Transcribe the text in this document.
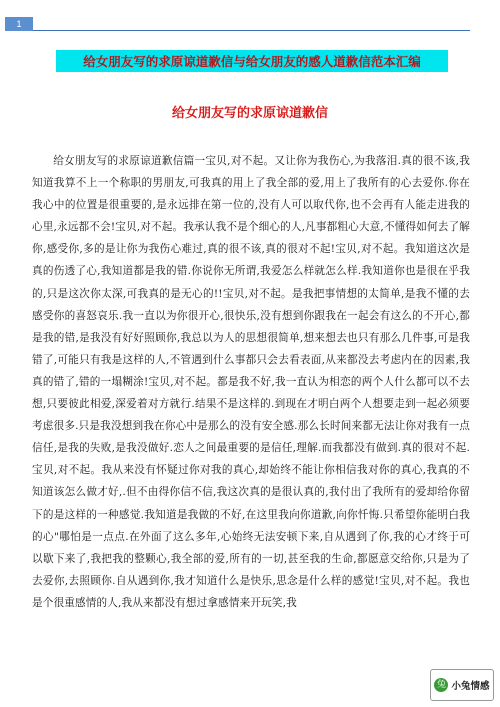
1
给女朋友写的求原谅道歉信与给女朋友的感人道歉信范本汇编
给女朋友写的求原谅道歉信

给女朋友写的求原谅道歉信篇一宝贝,对不起。又让你为我伤心,为我落泪.真的很不该,我知道我算不上一个称职的男朋友,可我真的用上了我全部的爱,用上了我所有的心去爱你.你在我心中的位置是很重要的,是永远排在第一位的,没有人可以取代你,也不会再有人能走进我的心里,永远都不会!宝贝,对不起。我承认我不是个细心的人,凡事都粗心大意,不懂得如何去了解你,感受你,多的是让你为我伤心难过,真的很不该,真的很对不起!宝贝,对不起。我知道这次是真的伤透了心,我知道都是我的错.你说你无所谓,我爱怎么样就怎么样.我知道你也是很在乎我的,只是这次你太深,可我真的是无心的!!宝贝,对不起。是我把事情想的太简单,是我不懂的去感受你的喜怒哀乐.我一直以为你很开心,很快乐,没有想到你跟我在一起会有这么的不开心,都是我的错,是我没有好好照顾你,我总以为人的思想很简单,想来想去也只有那么几件事,可是我错了,可能只有我是这样的人,不管遇到什么事都只会去看表面,从来都没去考虑内在的因素,我真的错了,错的一塌糊涂!宝贝,对不起。都是我不好,我一直认为相恋的两个人什么都可以不去想,只要彼此相爱,深爱着对方就行.结果不是这样的.到现在才明白两个人想要走到一起必须要考虑很多.只是我没想到我在你心中是那么的没有安全感.那么长时间来都无法让你对我有一点信任,是我的失败,是我没做好.恋人之间最重要的是信任,理解.而我都没有做到.真的很对不起.宝贝,对不起。我从来没有怀疑过你对我的真心,却始终不能让你相信我对你的真心,我真的不知道该怎么做才好,.但不由得你信不信,我这次真的是很认真的,我付出了我所有的爱却给你留下的是这样的一种感觉.我知道是我做的不好,在这里我向你道歉,向你忏悔.只希望你能明白我的心"哪怕是一点点.在外面了这么多年,心始终无法安顿下来,自从遇到了你,我的心才终于可以歇下来了,我把我的整颗心,我全部的爱,所有的一切,甚至我的生命,都愿意交给你,只是为了去爱你,去照顾你.自从遇到你,我才知道什么是快乐,思念是什么样的感觉!宝贝,对不起。我也是个很重感情的人,我从来都没有想过拿感情来开玩笑,我

兔 小兔情感
